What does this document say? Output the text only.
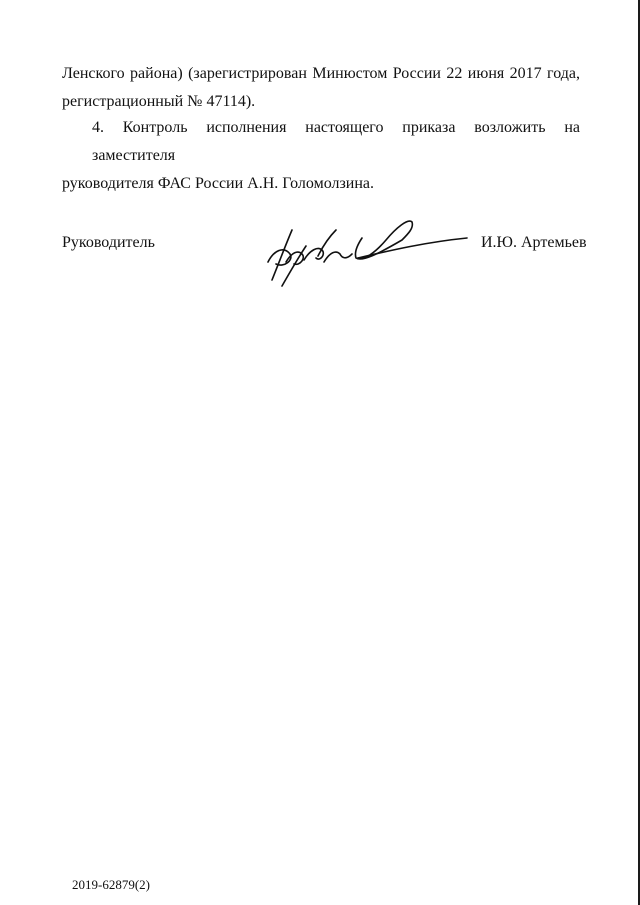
Ленского района) (зарегистрирован Минюстом России 22 июня 2017 года,
регистрационный № 47114).
4. Контроль исполнения настоящего приказа возложить на заместителя
руководителя ФАС России А.Н. Голомолзина.
Руководитель	И.Ю. Артемьев
2019-62879(2)
